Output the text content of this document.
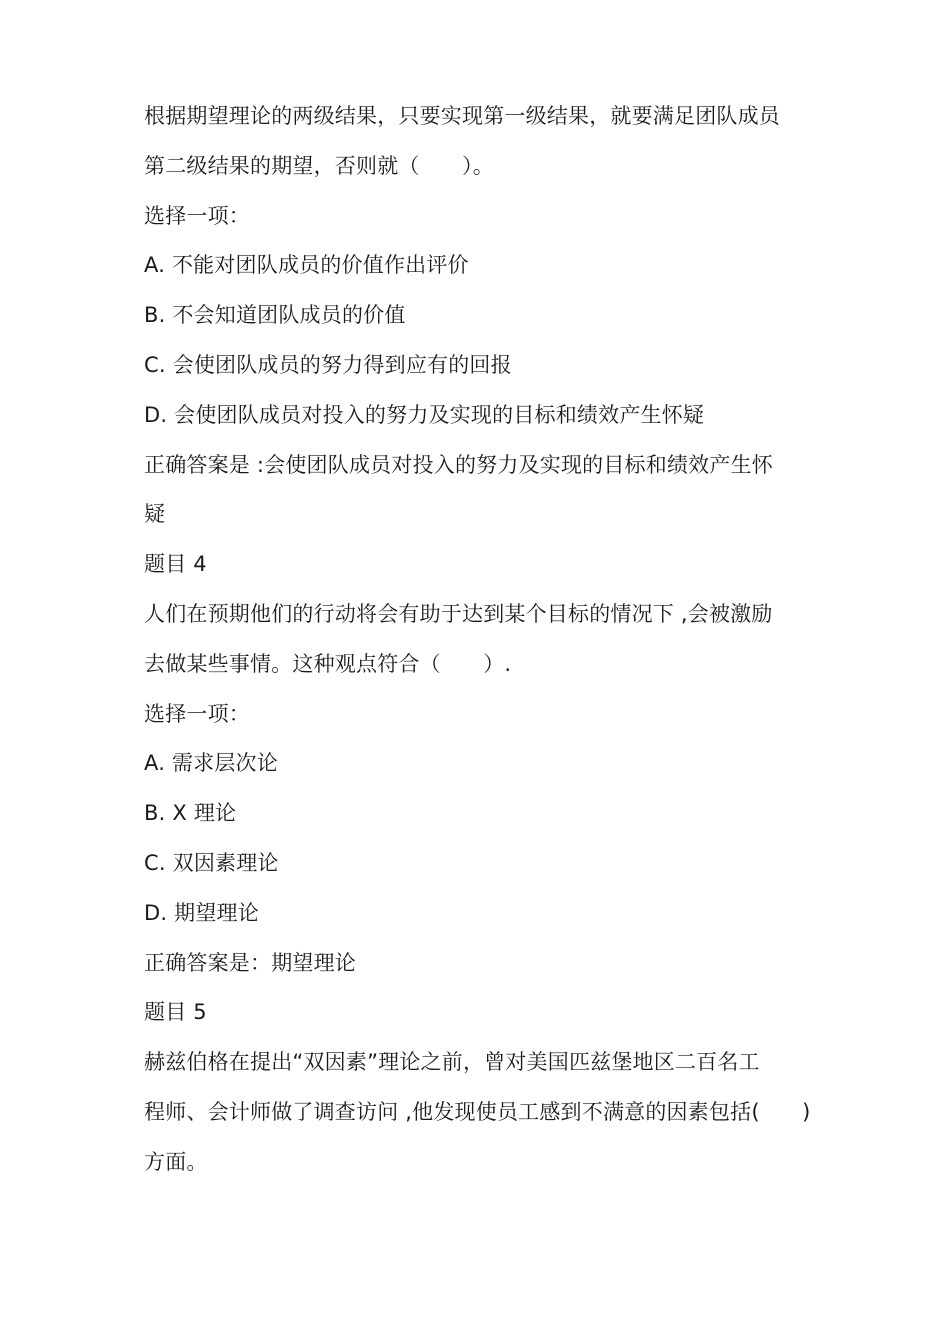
根据期望理论的两级结果，只要实现第一级结果，就要满足团队成员
第二级结果的期望，否则就（　　）。
选择一项：
A. 不能对团队成员的价值作出评价
B. 不会知道团队成员的价值
C. 会使团队成员的努力得到应有的回报
D. 会使团队成员对投入的努力及实现的目标和绩效产生怀疑
正确答案是 :会使团队成员对投入的努力及实现的目标和绩效产生怀
疑
题目 4
人们在预期他们的行动将会有助于达到某个目标的情况下 ,会被激励
去做某些事情。这种观点符合（　　）.
选择一项：
A. 需求层次论
B. X 理论
C. 双因素理论
D. 期望理论
正确答案是：期望理论
题目 5
赫兹伯格在提出“双因素”理论之前，曾对美国匹兹堡地区二百名工
程师、会计师做了调查访问 ,他发现使员工感到不满意的因素包括(　　)
方面。
